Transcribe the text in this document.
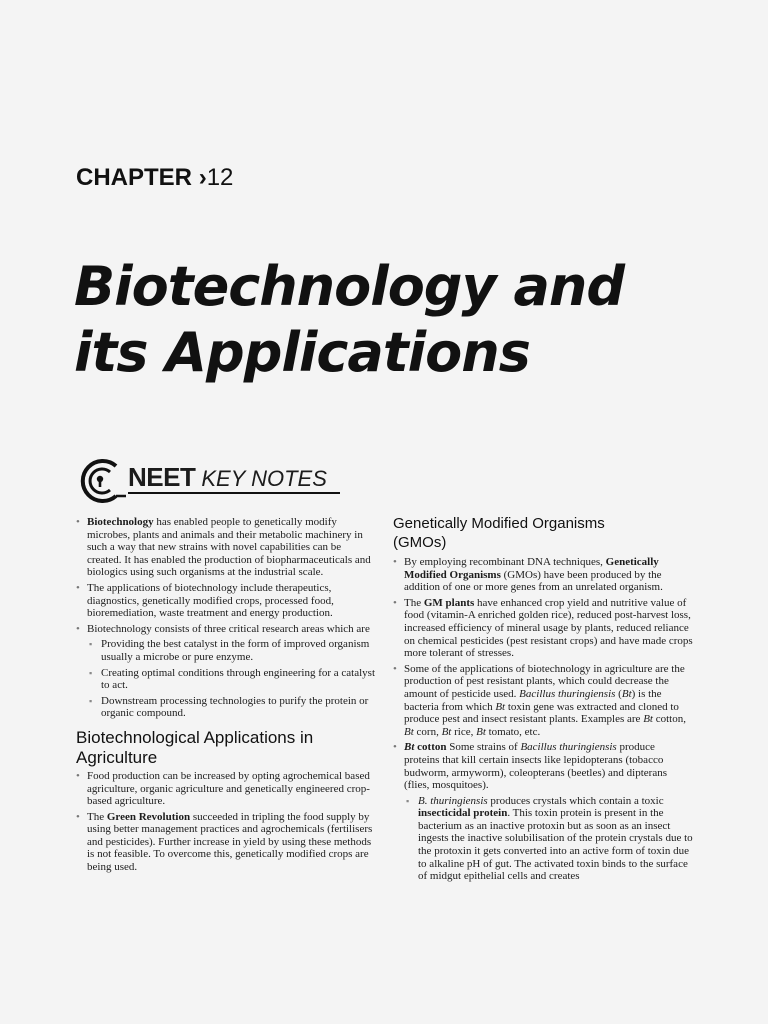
CHAPTER ›12
Biotechnology and
its Applications
NEET KEY NOTES
• Biotechnology has enabled people to genetically modify microbes, plants and animals and their metabolic machinery in such a way that new strains with novel capabilities can be created. It has enabled the production of biopharmaceuticals and biologics using such organisms at the industrial scale.
• The applications of biotechnology include therapeutics, diagnostics, genetically modified crops, processed food, bioremediation, waste treatment and energy production.
• Biotechnology consists of three critical research areas which are
▪ Providing the best catalyst in the form of improved organism usually a microbe or pure enzyme.
▪ Creating optimal conditions through engineering for a catalyst to act.
▪ Downstream processing technologies to purify the protein or organic compound.
Biotechnological Applications in Agriculture
• Food production can be increased by opting agrochemical based agriculture, organic agriculture and genetically engineered crop-based agriculture.
• The Green Revolution succeeded in tripling the food supply by using better management practices and agrochemicals (fertilisers and pesticides). Further increase in yield by using these methods is not feasible. To overcome this, genetically modified crops are being used.
Genetically Modified Organisms
(GMOs)
• By employing recombinant DNA techniques, Genetically Modified Organisms (GMOs) have been produced by the addition of one or more genes from an unrelated organism.
• The GM plants have enhanced crop yield and nutritive value of food (vitamin-A enriched golden rice), reduced post-harvest loss, increased efficiency of mineral usage by plants, reduced reliance on chemical pesticides (pest resistant crops) and have made crops more tolerant of stresses.
• Some of the applications of biotechnology in agriculture are the production of pest resistant plants, which could decrease the amount of pesticide used. Bacillus thuringiensis (Bt) is the bacteria from which Bt toxin gene was extracted and cloned to produce pest and insect resistant plants. Examples are Bt cotton, Bt corn, Bt rice, Bt tomato, etc.
• Bt cotton Some strains of Bacillus thuringiensis produce proteins that kill certain insects like lepidopterans (tobacco budworm, armyworm), coleopterans (beetles) and dipterans (flies, mosquitoes).
▪ B. thuringiensis produces crystals which contain a toxic insecticidal protein. This toxin protein is present in the bacterium as an inactive protoxin but as soon as an insect ingests the inactive solubilisation of the protein crystals due to the protoxin it gets converted into an active form of toxin due to alkaline pH of gut. The activated toxin binds to the surface of midgut epithelial cells and creates
